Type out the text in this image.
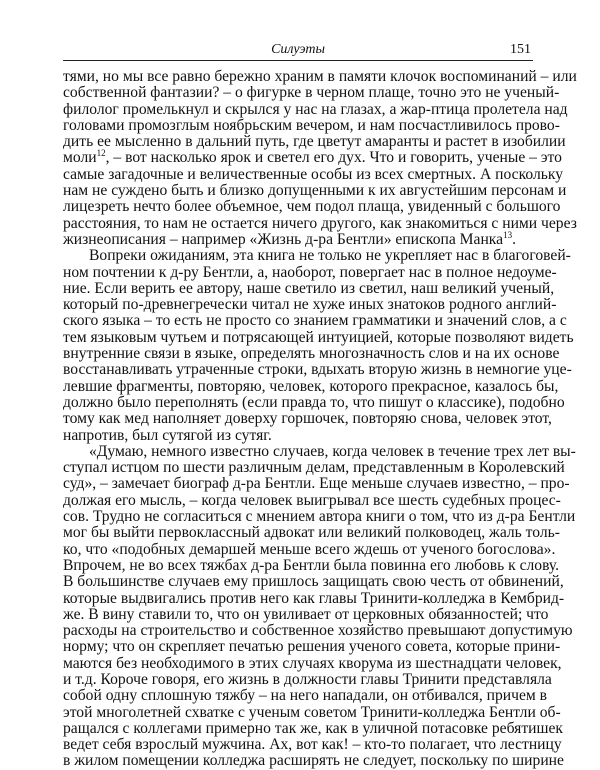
Силуэты	151
тями, но мы все равно бережно храним в памяти клочок воспоминаний – или
собственной фантазии? – о фигурке в черном плаще, точно это не ученый-
филолог промелькнул и скрылся у нас на глазах, а жар-птица пролетела над
головами промозглым ноябрьским вечером, и нам посчастливилось прово-
дить ее мысленно в дальний путь, где цветут амаранты и растет в изобилии
моли$^{12}$, – вот насколько ярок и светел его дух. Что и говорить, ученые – это
самые загадочные и величественные особы из всех смертных. А поскольку
нам не суждено быть и близко допущенными к их августейшим персонам и
лицезреть нечто более объемное, чем подол плаща, увиденный с большого
расстояния, то нам не остается ничего другого, как знакомиться с ними через
жизнеописания – например «Жизнь д-ра Бентли» епископа Манка$^{13}$.
Вопреки ожиданиям, эта книга не только не укрепляет нас в благоговей-
ном почтении к д-ру Бентли, а, наоборот, повергает нас в полное недоуме-
ние. Если верить ее автору, наше светило из светил, наш великий ученый,
который по-древнегречески читал не хуже иных знатоков родного англий-
ского языка – то есть не просто со знанием грамматики и значений слов, а с
тем языковым чутьем и потрясающей интуицией, которые позволяют видеть
внутренние связи в языке, определять многозначность слов и на их основе
восстанавливать утраченные строки, вдыхать вторую жизнь в немногие уце-
левшие фрагменты, повторяю, человек, которого прекрасное, казалось бы,
должно было переполнять (если правда то, что пишут о классике), подобно
тому как мед наполняет доверху горшочек, повторяю снова, человек этот,
напротив, был сутягой из сутяг.
«Думаю, немного известно случаев, когда человек в течение трех лет вы-
ступал истцом по шести различным делам, представленным в Королевский
суд», – замечает биограф д-ра Бентли. Еще меньше случаев известно, – про-
должая его мысль, – когда человек выигрывал все шесть судебных процес-
сов. Трудно не согласиться с мнением автора книги о том, что из д-ра Бентли
мог бы выйти первоклассный адвокат или великий полководец, жаль толь-
ко, что «подобных демаршей меньше всего ждешь от ученого богослова».
Впрочем, не во всех тяжбах д-ра Бентли была повинна его любовь к слову.
В большинстве случаев ему пришлось защищать свою честь от обвинений,
которые выдвигались против него как главы Тринити-колледжа в Кембрид-
же. В вину ставили то, что он увиливает от церковных обязанностей; что
расходы на строительство и собственное хозяйство превышают допустимую
норму; что он скрепляет печатью решения ученого совета, которые прини-
маются без необходимого в этих случаях кворума из шестнадцати человек,
и т.д. Короче говоря, его жизнь в должности главы Тринити представляла
собой одну сплошную тяжбу – на него нападали, он отбивался, причем в
этой многолетней схватке с ученым советом Тринити-колледжа Бентли об-
ращался с коллегами примерно так же, как в уличной потасовке ребятишек
ведет себя взрослый мужчина. Ах, вот как! – кто-то полагает, что лестницу
в жилом помещении колледжа расширять не следует, поскольку по ширине
